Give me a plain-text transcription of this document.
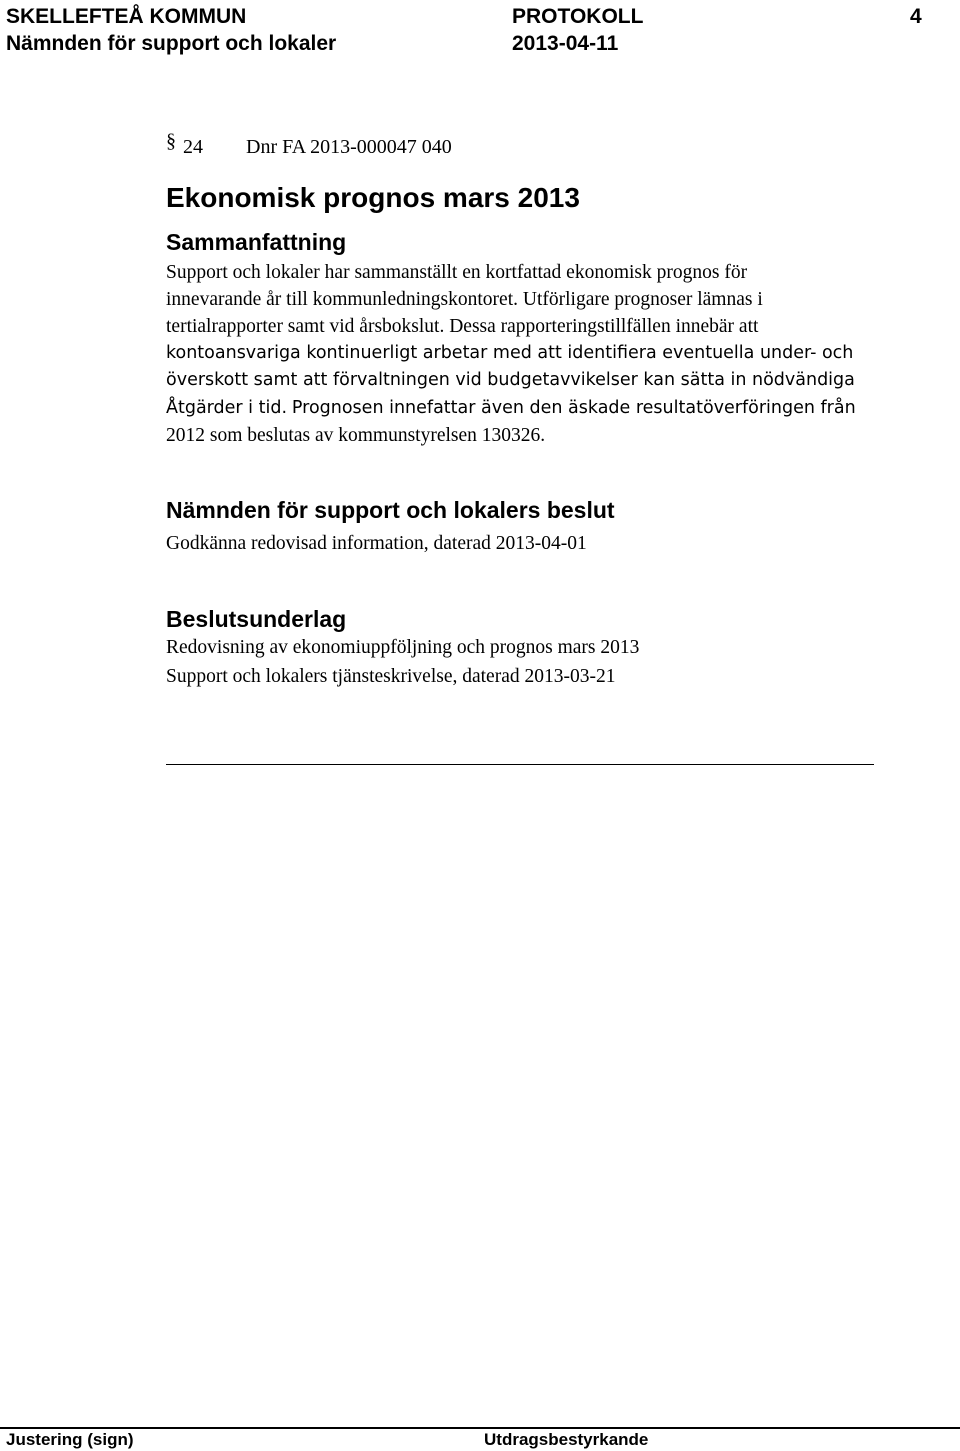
SKELLEFTEÅ KOMMUN
Nämnden för support och lokaler
PROTOKOLL
2013-04-11
4
§ 24 Dnr FA 2013-000047 040
Ekonomisk prognos mars 2013
Sammanfattning

Support och lokaler har sammanställt en kortfattad ekonomisk prognos för

innevarande år till kommunledningskontoret. Utförligare prognoser lämnas i

tertialrapporter samt vid årsbokslut. Dessa rapporteringstillfällen innebär att

kontoansvariga kontinuerligt arbetar med att identifiera eventuella under- och

överskott samt att förvaltningen vid budgetavvikelser kan sätta in nödvändiga

Åtgärder i tid. Prognosen innefattar även den äskade resultatöverföringen från

2012 som beslutas av kommunstyrelsen 130326.

Nämnden för support och lokalers beslut
Godkänna redovisad information, daterad 2013-04-01
Beslutsunderlag
Redovisning av ekonomiuppföljning och prognos mars 2013
Support och lokalers tjänsteskrivelse, daterad 2013-03-21
Justering (sign)	Utdragsbestyrkande
